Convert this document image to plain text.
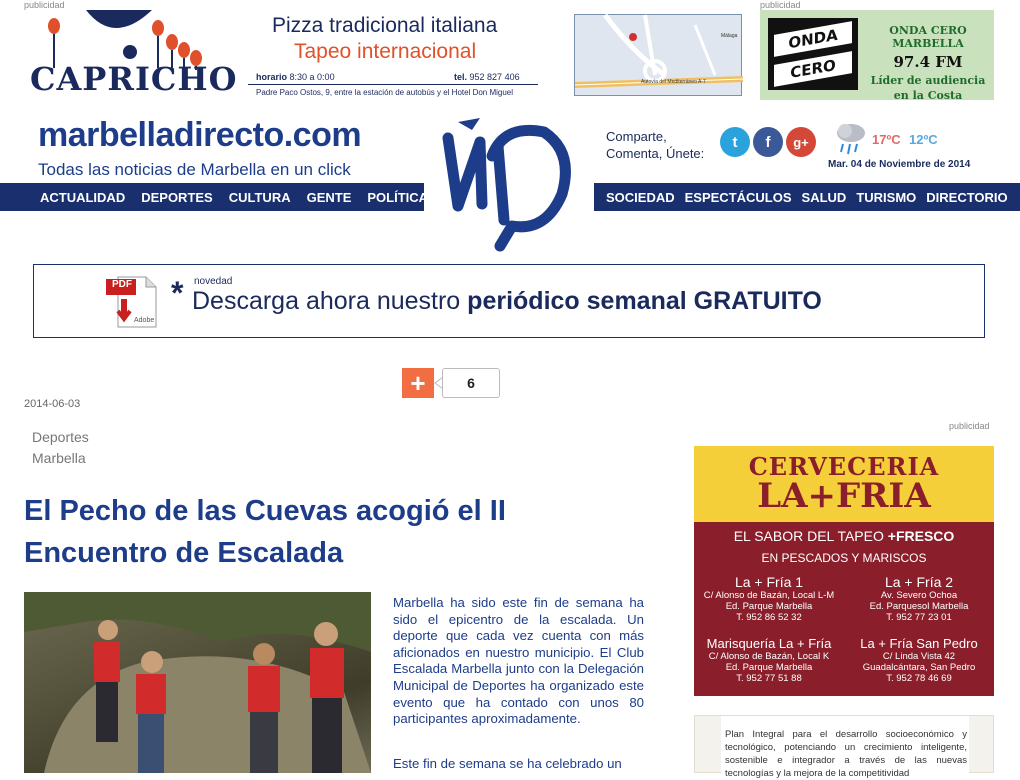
publicidad	publicidad
CAPRICHO
Pizza tradicional italiana
Tapeo internacional
horario 8:30 a 0:00	tel. 952 827 406
Padre Paco Ostos, 9, entre la estación de autobús y el Hotel Don Miguel
Autovía del Mediterráneo A-7
Málaga	ONDA
CERO
ONDA CERO MARBELLA
97.4 FM
Líder de audiencia
en la Costa
marbelladirecto.com
Todas las noticias de Marbella en un click
ACTUALIDAD DEPORTES CULTURA GENTE POLÍTICA	SOCIEDAD ESPECTÁCULOS SALUD TURISMO DIRECTORIO
Comparte,
Comenta, Únete:
t	f	g+	17ºC 12ºC
Mar. 04 de Noviembre de 2014
PDF
Adobe
* novedad
Descarga ahora nuestro periódico semanal GRATUITO
+	6
2014-06-03
Deportes
Marbella
El Pecho de las Cuevas acogió el II Encuentro de Escalada
Marbella ha sido este fin de semana ha sido el epicentro de la escalada. Un deporte que cada vez cuenta con más aficionados en nuestro municipio. El Club Escalada Marbella junto con la Delegación Municipal de Deportes ha organizado este evento que ha contado con unos 80 participantes aproximadamente.
Este fin de semana se ha celebrado un
publicidad
CERVECERIA
LA+FRIA
EL SABOR DEL TAPEO +FRESCO
EN PESCADOS Y MARISCOS
La + Fría 1
C/ Alonso de Bazán, Local L-M
Ed. Parque Marbella
T. 952 86 52 32
La + Fría 2
Av. Severo Ochoa
Ed. Parquesol Marbella
T. 952 77 23 01
Marisquería La + Fría
C/ Alonso de Bazán, Local K
Ed. Parque Marbella
T. 952 77 51 88
La + Fría San Pedro
C/ Linda Vista 42
Guadalcántara, San Pedro
T. 952 78 46 69
Plan Integral para el desarrollo socioeconómico y tecnológico, potenciando un crecimiento inteligente, sostenible e integrador a través de las nuevas tecnologías y la mejora de la competitividad
